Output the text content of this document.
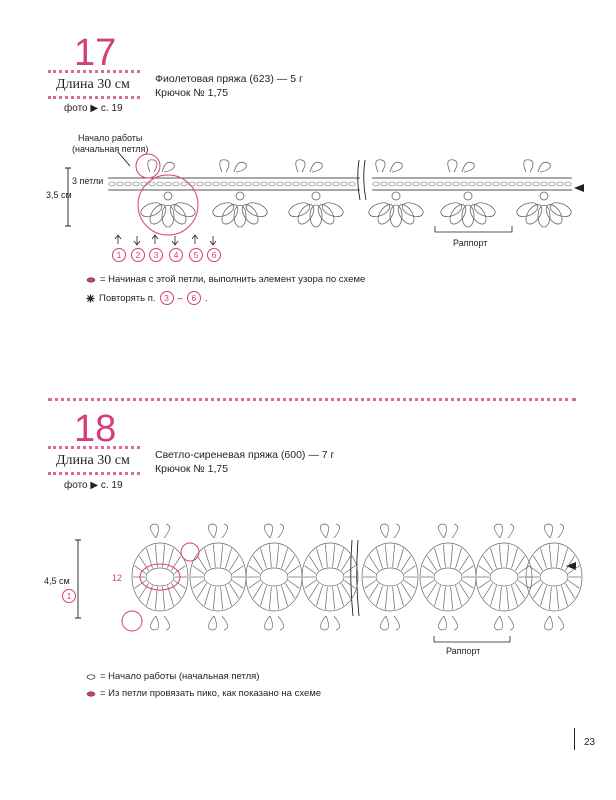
17
Длина 30 см
фото ▶ с. 19
Фиолетовая пряжа (623) — 5 г
Крючок № 1,75
Начало работы
(начальная петля)
3 петли
3,5 см
Раппорт
1	2	3	4	5	6
= Начиная с этой петли, выполнить элемент узора по схеме
Повторять п.	3 –	6 .
18
Длина 30 см
фото ▶ с. 19
Светло-сиреневая пряжа (600) — 7 г
Крючок № 1,75
4,5 см
1
12
Раппорт
= Начало работы (начальная петля)
= Из петли провязать пико, как показано на схеме
23
